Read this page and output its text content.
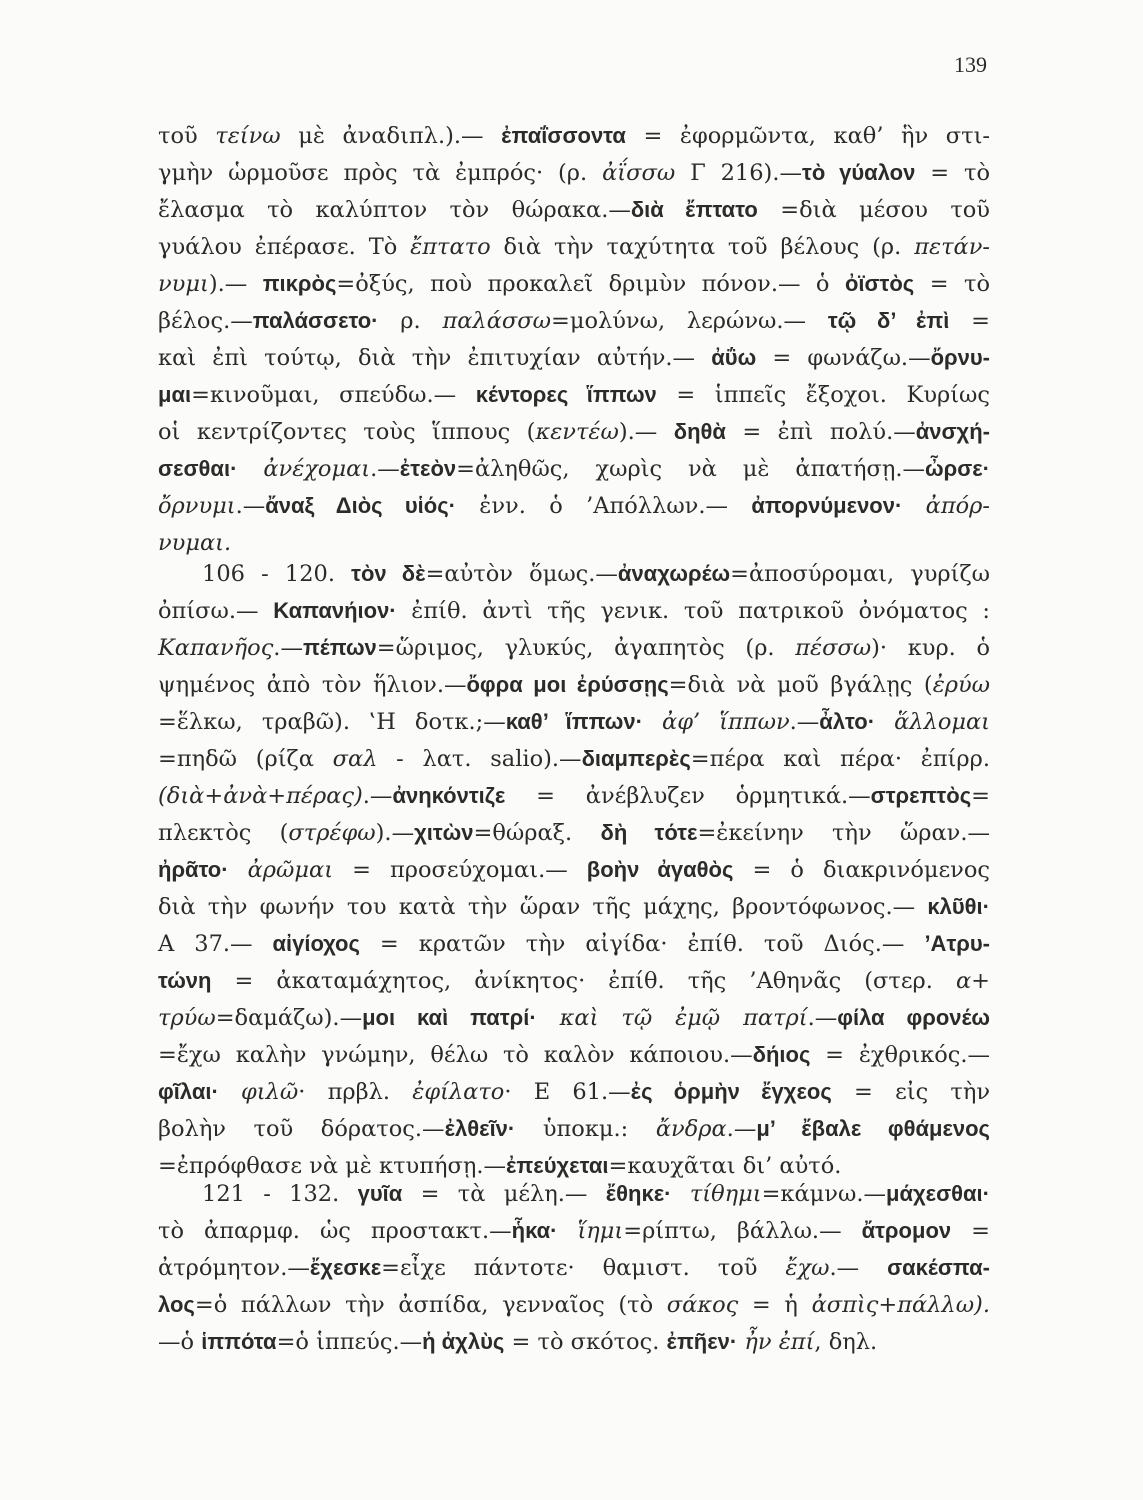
139
τοῦ τείνω μὲ ἀναδιπλ.).— ἐπαΐσσοντα = ἐφορμῶντα, καθ’ ἣν στι-
γμὴν ὡρμοῦσε πρὸς τὰ ἐμπρός· (ρ. ἀΐσσω Γ 216).—τὸ γύαλον = τὸ
ἔλασμα τὸ καλύπτον τὸν θώρακα.—διὰ ἔπτατο =διὰ μέσου τοῦ
γυάλου ἐπέρασε. Τὸ ἔπτατο διὰ τὴν ταχύτητα τοῦ βέλους (ρ. πετάν-
νυμι).— πικρὸς=ὀξύς, ποὺ προκαλεῖ δριμὺν πόνον.— ὁ ὀϊστὸς = τὸ
βέλος.—παλάσσετο· ρ. παλάσσω=μολύνω, λερώνω.— τῷ δ’ ἐπὶ =
καὶ ἐπὶ τούτῳ, διὰ τὴν ἐπιτυχίαν αὐτήν.— ἀΰω = φωνάζω.—ὄρνυ-
μαι=κινοῦμαι, σπεύδω.— κέντορες ἵππων = ἱππεῖς ἔξοχοι. Κυρίως
οἱ κεντρίζοντες τοὺς ἵππους (κεντέω).— δηθὰ = ἐπὶ πολύ.—ἀνσχή-
σεσθαι· ἀνέχομαι.—ἐτεὸν=ἀληθῶς, χωρὶς νὰ μὲ ἀπατήσῃ.—ὦρσε·
ὄρνυμι.—ἄναξ Διὸς υἱός· ἐνν. ὁ ’Απόλλων.— ἀπορνύμενον· ἀπόρ-
νυμαι.
106 - 120. τὸν δὲ=αὐτὸν ὅμως.—ἀναχωρέω=ἀποσύρομαι, γυρίζω
ὀπίσω.— Καπανήιον· ἐπίθ. ἀντὶ τῆς γενικ. τοῦ πατρικοῦ ὀνόματος :
Καπανῆος.—πέπων=ὥριμος, γλυκύς, ἀγαπητὸς (ρ. πέσσω)· κυρ. ὁ
ψημένος ἀπὸ τὸν ἥλιον.—ὄφρα μοι ἐρύσσῃς=διὰ νὰ μοῦ βγάλῃς (ἐρύω
=ἕλκω, τραβῶ). ‛Η δοτκ.;—καθ’ ἵππων· ἀφ’ ἵππων.—ἆλτο· ἅλλομαι
=πηδῶ (ρίζα σαλ - λατ. salio).—διαμπερὲς=πέρα καὶ πέρα· ἐπίρρ.
(διὰ+ἀνὰ+πέρας).—ἀνηκόντιζε = ἀνέβλυζεν ὁρμητικά.—στρεπτὸς=
πλεκτὸς (στρέφω).—χιτὼν=θώραξ. δὴ τότε=ἐκείνην τὴν ὥραν.—
ἠρᾶτο· ἀρῶμαι = προσεύχομαι.— βοὴν ἀγαθὸς = ὁ διακρινόμενος
διὰ τὴν φωνήν του κατὰ τὴν ὥραν τῆς μάχης, βροντόφωνος.— κλῦθι·
Α 37.— αἰγίοχος = κρατῶν τὴν αἰγίδα· ἐπίθ. τοῦ Διός.— ’Ατρυ-
τώνη = ἀκαταμάχητος, ἀνίκητος· ἐπίθ. τῆς ’Αθηνᾶς (στερ. α+
τρύω=δαμάζω).—μοι καὶ πατρί· καὶ τῷ ἐμῷ πατρί.—φίλα φρονέω
=ἔχω καλὴν γνώμην, θέλω τὸ καλὸν κάποιου.—δήιος = ἐχθρικός.—
φῖλαι· φιλῶ· πρβλ. ἐφίλατο· Ε 61.—ἐς ὁρμὴν ἔγχεος = εἰς τὴν
βολὴν τοῦ δόρατος.—ἐλθεῖν· ὑποκμ.: ἄνδρα.—μ’ ἔβαλε φθάμενος
=ἐπρόφθασε νὰ μὲ κτυπήσῃ.—ἐπεύχεται=καυχᾶται δι’ αὐτό.
121 - 132. γυῖα = τὰ μέλη.— ἔθηκε· τίθημι=κάμνω.—μάχεσθαι·
τὸ ἀπαρμφ. ὡς προστακτ.—ἧκα· ἵημι=ρίπτω, βάλλω.— ἄτρομον =
ἀτρόμητον.—ἔχεσκε=εἶχε πάντοτε· θαμιστ. τοῦ ἔχω.— σακέσπα-
λος=ὁ πάλλων τὴν ἀσπίδα, γενναῖος (τὸ σάκος = ἡ ἀσπὶς+πάλλω).
—ὁ ἱππότα=ὁ ἱππεύς.—ἡ ἀχλὺς = τὸ σκότος. ἐπῆεν· ἦν ἐπί, δηλ.
